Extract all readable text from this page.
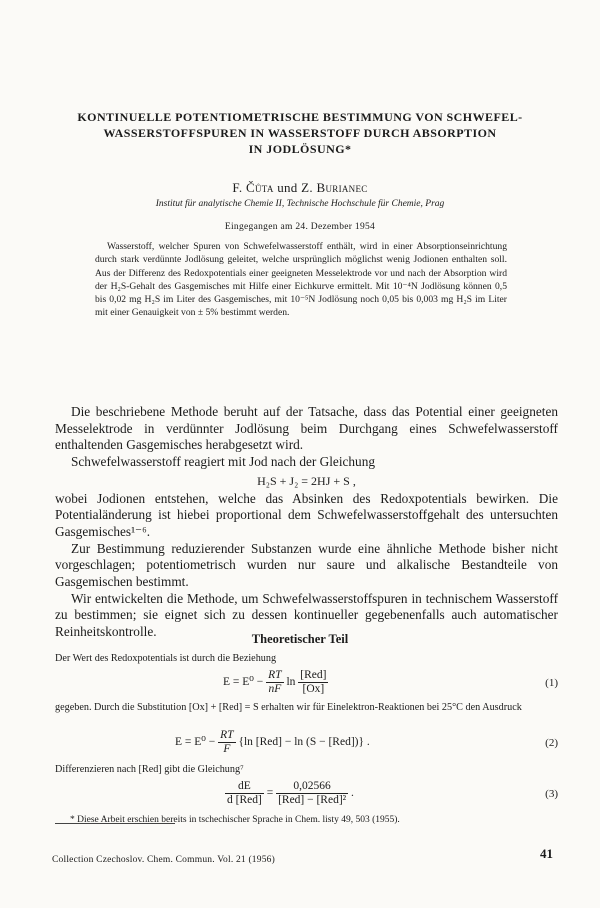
KONTINUELLE POTENTIOMETRISCHE BESTIMMUNG VON SCHWEFEL-
WASSERSTOFFSPUREN IN WASSERSTOFF DURCH ABSORPTION
IN JODLÖSUNG*
F. Čůta und Z. Burianec
Institut für analytische Chemie II, Technische Hochschule für Chemie, Prag
Eingegangen am 24. Dezember 1954

Wasserstoff, welcher Spuren von Schwefelwasserstoff enthält, wird in einer Absorptionseinrichtung durch stark verdünnte Jodlösung geleitet, welche ursprünglich möglichst wenig Jodionen enthalten soll. Aus der Differenz des Redoxpotentials einer geeigneten Messelektrode vor und nach der Absorption wird der H₂S-Gehalt des Gasgemisches mit Hilfe einer Eichkurve ermittelt. Mit 10⁻⁴N Jodlösung können 0,5 bis 0,02 mg H₂S im Liter des Gasgemisches, mit 10⁻⁵N Jodlösung noch 0,05 bis 0,003 mg H₂S im Liter mit einer Genauigkeit von ± 5% bestimmt werden.

Die beschriebene Methode beruht auf der Tatsache, dass das Potential einer geeigneten Messelektrode in verdünnter Jodlösung beim Durchgang eines Schwefelwasserstoff enthaltenden Gasgemisches herabgesetzt wird.

Schwefelwasserstoff reagiert mit Jod nach der Gleichung

H₂S + J₂ = 2HJ + S ,

wobei Jodionen entstehen, welche das Absinken des Redoxpotentials bewirken. Die Potentialänderung ist hiebei proportional dem Schwefelwasserstoffgehalt des untersuchten Gasgemisches¹⁻⁶.

Zur Bestimmung reduzierender Substanzen wurde eine ähnliche Methode bisher nicht vorgeschlagen; potentiometrisch wurden nur saure und alkalische Bestandteile von Gasgemischen bestimmt.

Wir entwickelten die Methode, um Schwefelwasserstoffspuren in technischem Wasserstoff zu bestimmen; sie eignet sich zu dessen kontinueller gegebenenfalls auch automatischer Reinheitskontrolle.	Theoretischer Teil

Der Wert des Redoxpotentials ist durch die Beziehung

$E = E^0 - \frac{RT}{nF}$ $\ln \frac{\text{[Red]}}{[Ox]}$	(1)

gegeben. Durch die Substitution [Ox] + [Red] = S erhalten wir für Einelektron-Reaktionen bei 25°C den Ausdruck

$E = E^0 - \frac{RT}{F} \{\ln$ [Red] − ln (S − [Red])} .	(2)

Differenzieren nach [Red] gibt die Gleichung⁷

$\frac{dE}{\text{d [Red]}} = \frac{0,02566}{\text{[Red] − [Red]²}}$ .	(3)
* Diese Arbeit erschien bereits in tschechischer Sprache in Chem. listy 49, 503 (1955).
Collection Czechoslov. Chem. Commun. Vol. 21 (1956)	41
